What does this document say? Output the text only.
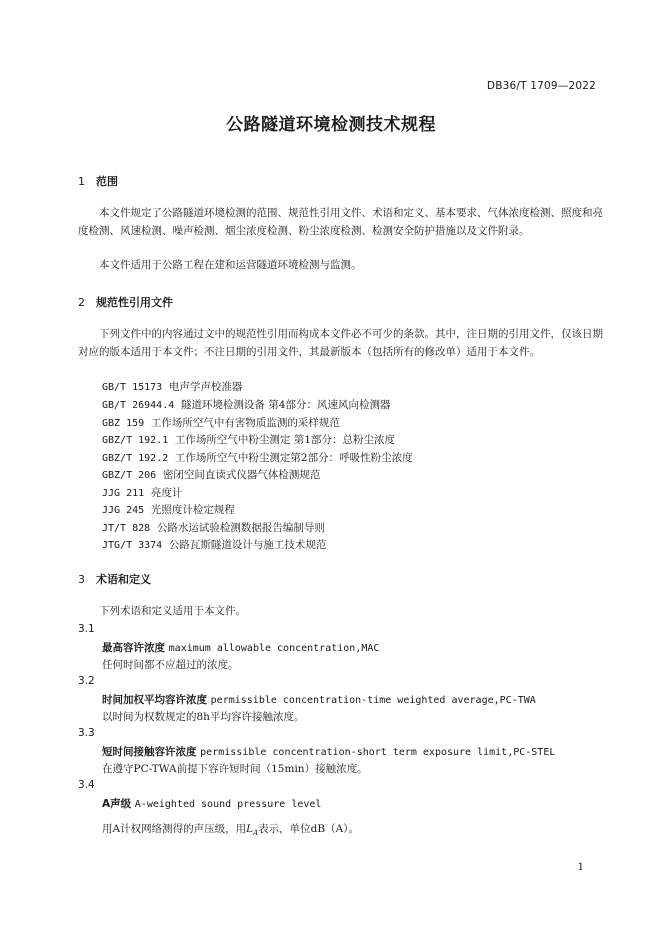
DB36/T 1709—2022
公路隧道环境检测技术规程
1 范围
本文件规定了公路隧道环境检测的范围、规范性引用文件、术语和定义、基本要求、气体浓度检测、照度和亮度检测、风速检测、噪声检测、烟尘浓度检测、粉尘浓度检测、检测安全防护措施以及文件附录。
本文件适用于公路工程在建和运营隧道环境检测与监测。
2 规范性引用文件
下列文件中的内容通过文中的规范性引用而构成本文件必不可少的条款。其中，注日期的引用文件，仅该日期对应的版本适用于本文件；不注日期的引用文件，其最新版本（包括所有的修改单）适用于本文件。
GB/T 15173 电声学声校准器
GB/T 26944.4 隧道环境检测设备 第4部分：风速风向检测器
GBZ 159 工作场所空气中有害物质监测的采样规范
GBZ/T 192.1 工作场所空气中粉尘测定 第1部分：总粉尘浓度
GBZ/T 192.2 工作场所空气中粉尘测定第2部分：呼吸性粉尘浓度
GBZ/T 206 密闭空间直读式仪器气体检测规范
JJG 211 亮度计
JJG 245 光照度计检定规程
JT/T 828 公路水运试验检测数据报告编制导则
JTG/T 3374 公路瓦斯隧道设计与施工技术规范
3 术语和定义
下列术语和定义适用于本文件。
3.1
最高容许浓度 maximum allowable concentration,MAC
任何时间都不应超过的浓度。
3.2
时间加权平均容许浓度 permissible concentration-time weighted average,PC-TWA
以时间为权数规定的8h平均容许接触浓度。
3.3
短时间接触容许浓度 permissible concentration-short term exposure limit,PC-STEL
在遵守PC-TWA前提下容许短时间（15min）接触浓度。
3.4
A声级 A-weighted sound pressure level
用A计权网络测得的声压级，用$L_A$表示，单位dB（A）。
1
